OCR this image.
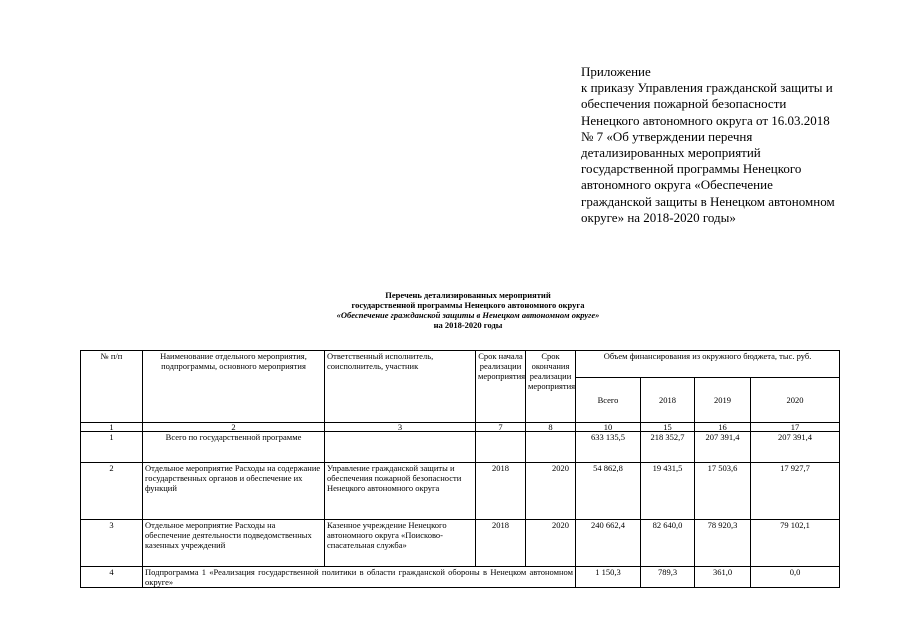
Приложение
к приказу Управления гражданской защиты и
обеспечения пожарной безопасности
Ненецкого автономного округа от 16.03.2018
№ 7 «Об утверждении перечня
детализированных мероприятий
государственной программы Ненецкого
автономного округа «Обеспечение
гражданской защиты в Ненецком автономном
округе» на 2018-2020 годы»
Перечень детализированных мероприятий
государственной программы Ненецкого автономного округа
«Обеспечение гражданской защиты в Ненецком автономном округе»
на 2018-2020 годы
№ п/п	Наименование отдельного мероприятия, подпрограммы, основного мероприятия	Ответственный исполнитель, соисполнитель, участник	Срок начала реализации мероприятия	Срок окончания реализации мероприятия	Объем финансирования из окружного бюджета, тыс. руб.			
					Всего	2018	2019	2020
1	2	3	7	8	10	15	16	17
1	Всего по государственной программе				633 135,5	218 352,7	207 391,4	207 391,4
2	Отдельное мероприятие Расходы на содержание государственных органов и обеспечение их функций	Управление гражданской защиты и обеспечения пожарной безопасности Ненецкого автономного округа	2018	2020	54 862,8	19 431,5	17 503,6	17 927,7
3	Отдельное мероприятие Расходы на обеспечение деятельности подведомственных казенных учреждений	Казенное учреждение Ненецкого автономного округа «Поисково-спасательная служба»	2018	2020	240 662,4	82 640,0	78 920,3	79 102,1
4	Подпрограмма 1 «Реализация государственной политики в области гражданской обороны в Ненецком автономном округе»				1 150,3	789,3	361,0	0,0
